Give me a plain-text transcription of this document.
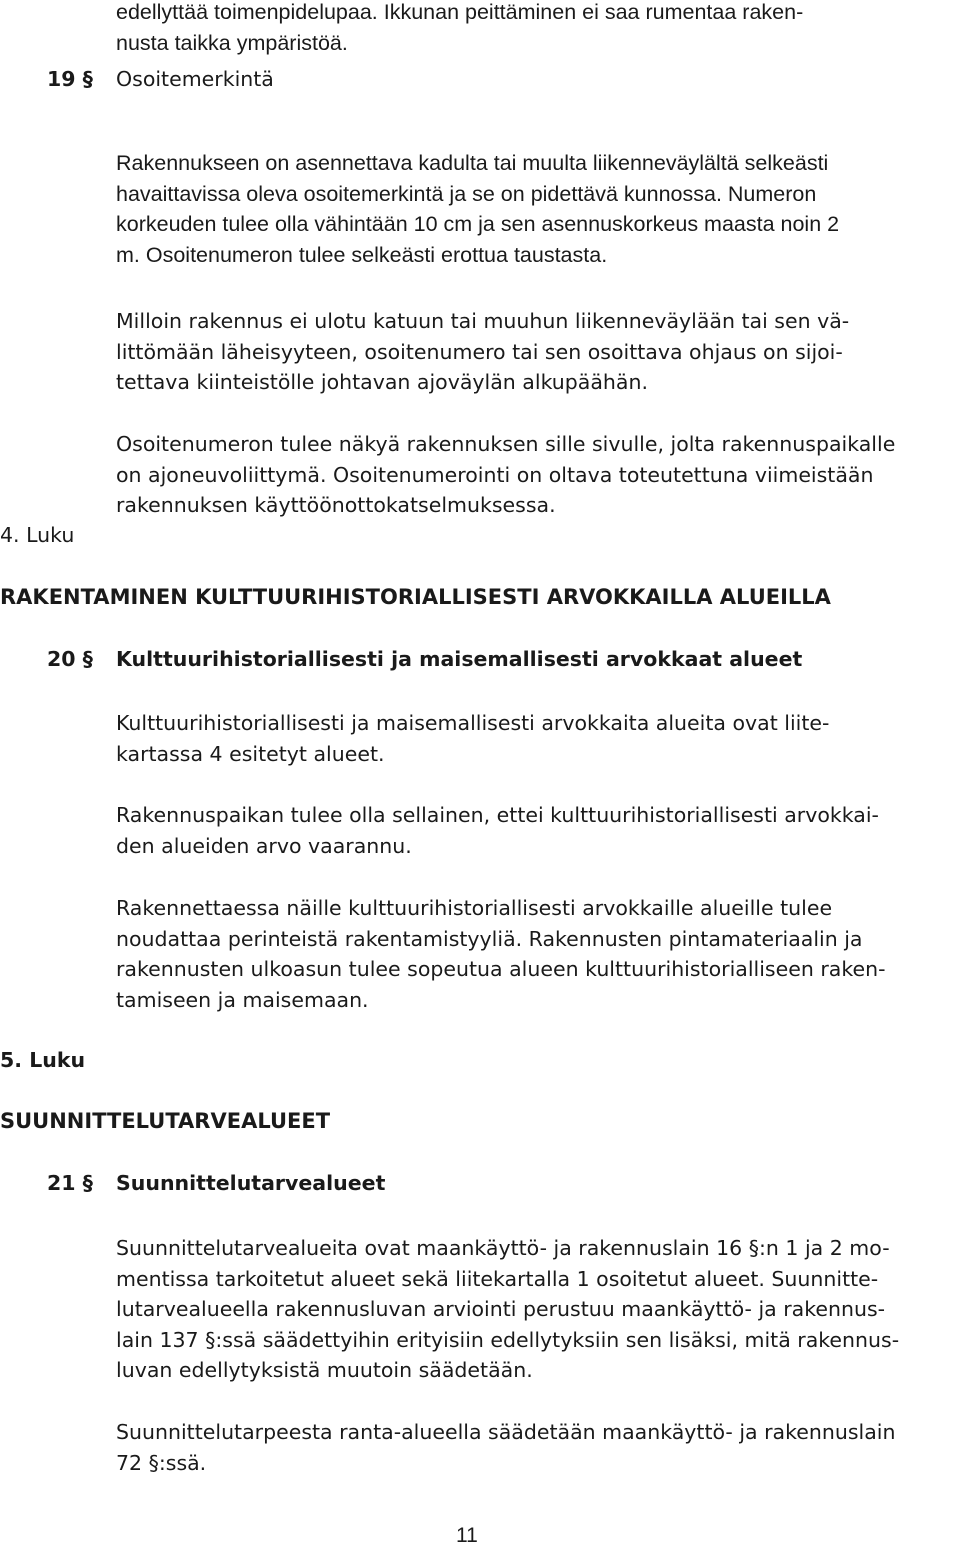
edellyttää toimenpidelupaa. Ikkunan peittäminen ei saa rumentaa raken-
nusta taikka ympäristöä.
19 § Osoitemerkintä
Rakennukseen on asennettava kadulta tai muulta liikenneväylältä selkeästi
havaittavissa oleva osoitemerkintä ja se on pidettävä kunnossa. Numeron
korkeuden tulee olla vähintään 10 cm ja sen asennuskorkeus maasta noin 2
m. Osoitenumeron tulee selkeästi erottua taustasta.
Milloin rakennus ei ulotu katuun tai muuhun liikenneväylään tai sen vä-
littömään läheisyyteen, osoitenumero tai sen osoittava ohjaus on sijoi-
tettava kiinteistölle johtavan ajoväylän alkupäähän.
Osoitenumeron tulee näkyä rakennuksen sille sivulle, jolta rakennuspaikalle
on ajoneuvoliittymä. Osoitenumerointi on oltava toteutettuna viimeistään
rakennuksen käyttöönottokatselmuksessa.
4. Luku
RAKENTAMINEN KULTTUURIHISTORIALLISESTI ARVOKKAILLA ALUEILLA
20 § Kulttuurihistoriallisesti ja maisemallisesti arvokkaat alueet
Kulttuurihistoriallisesti ja maisemallisesti arvokkaita alueita ovat liite-
kartassa 4 esitetyt alueet.
Rakennuspaikan tulee olla sellainen, ettei kulttuurihistoriallisesti arvokkai-
den alueiden arvo vaarannu.
Rakennettaessa näille kulttuurihistoriallisesti arvokkaille alueille tulee
noudattaa perinteistä rakentamistyyliä. Rakennusten pintamateriaalin ja
rakennusten ulkoasun tulee sopeutua alueen kulttuurihistorialliseen raken-
tamiseen ja maisemaan.
5. Luku
SUUNNITTELUTARVEALUEET
21 § Suunnittelutarvealueet
Suunnittelutarvealueita ovat maankäyttö- ja rakennuslain 16 §:n 1 ja 2 mo-
mentissa tarkoitetut alueet sekä liitekartalla 1 osoitetut alueet. Suunnitte-
lutarvealueella rakennusluvan arviointi perustuu maankäyttö- ja rakennus-
lain 137 §:ssä säädettyihin erityisiin edellytyksiin sen lisäksi, mitä rakennus-
luvan edellytyksistä muutoin säädetään.
Suunnittelutarpeesta ranta-alueella säädetään maankäyttö- ja rakennuslain
72 §:ssä.
11
